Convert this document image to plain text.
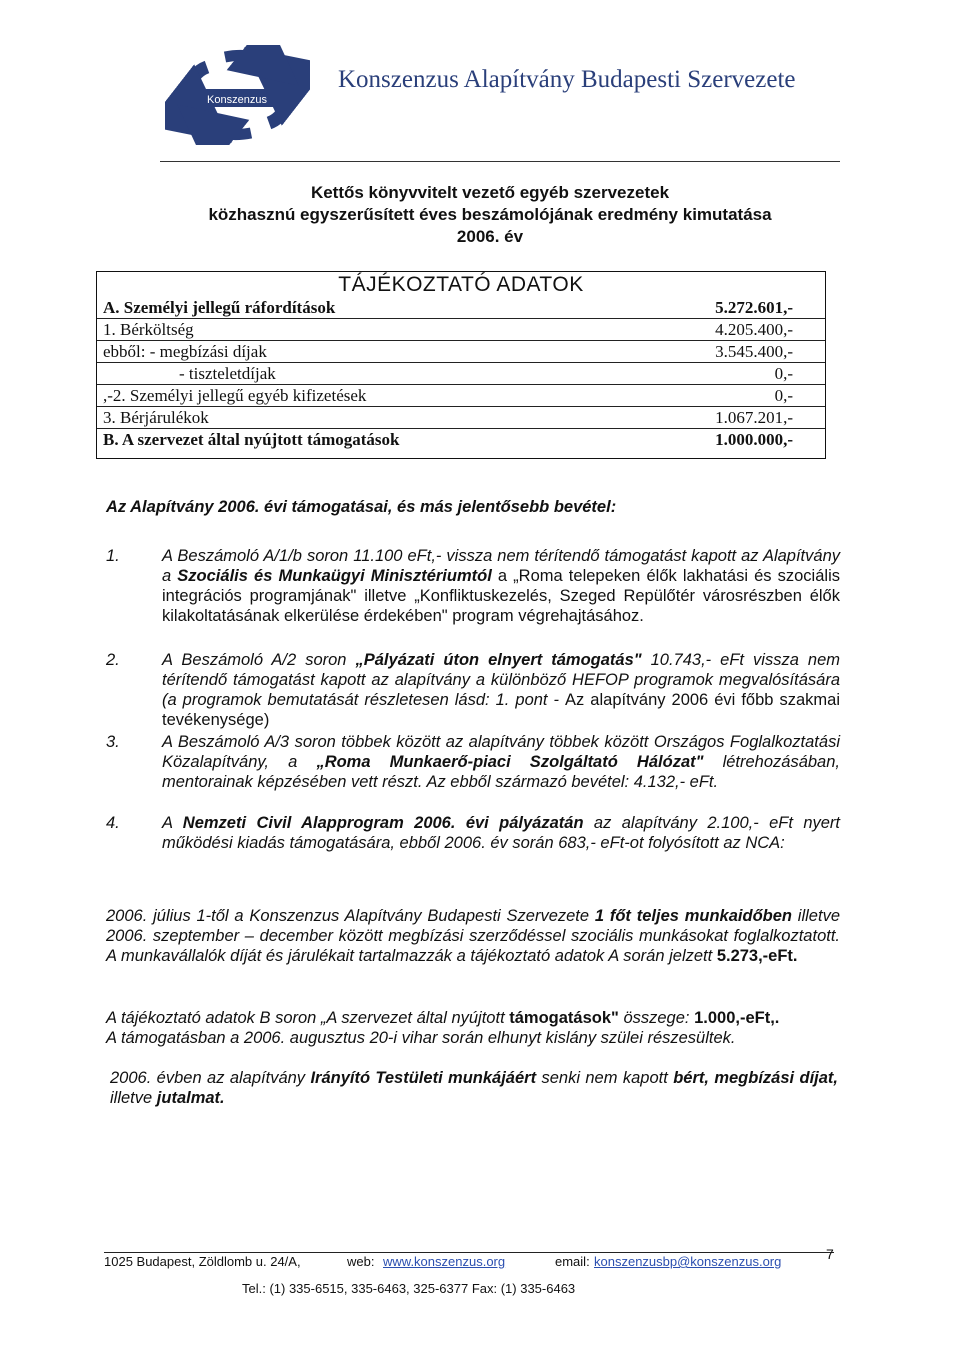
Konszenzus
Konszenzus Alapítvány Budapesti Szervezete
Kettős könyvvitelt vezető egyéb szervezetek
közhasznú egyszerűsített éves beszámolójának eredmény kimutatása
2006. év
TÁJÉKOZTATÓ ADATOK
A. Személyi jellegű ráfordítások	5.272.601,-
1. Bérköltség	4.205.400,-
ebből: - megbízási díjak	3.545.400,-
- tiszteletdíjak	0,-
,-2. Személyi jellegű egyéb kifizetések	0,-
3. Bérjárulékok	1.067.201,-
B. A szervezet által nyújtott támogatások	1.000.000,-
Az Alapítvány 2006. évi támogatásai, és más jelentősebb bevétel:
1.	A Beszámoló A/1/b soron 11.100 eFt,- vissza nem térítendő támogatást kapott az Alapítvány a Szociális és Munkaügyi Minisztériumtól a „Roma telepeken élők lakhatási és szociális integrációs programjának" illetve „Konfliktuskezelés, Szeged Repülőtér városrészben élők kilakoltatásának elkerülése érdekében" program végrehajtásához.
2.	A Beszámoló A/2 soron „Pályázati úton elnyert támogatás" 10.743,- eFt vissza nem térítendő támogatást kapott az alapítvány a különböző HEFOP programok megvalósítására (a programok bemutatását részletesen lásd: 1. pont - Az alapítvány 2006 évi főbb szakmai tevékenysége)
3.	A Beszámoló A/3 soron többek között az alapítvány többek között Országos Foglalkoztatási Közalapítvány, a „Roma Munkaerő-piaci Szolgáltató Hálózat" létrehozásában, mentorainak képzésében vett részt. Az ebből származó bevétel: 4.132,- eFt.
4.	A Nemzeti Civil Alapprogram 2006. évi pályázatán az alapítvány 2.100,- eFt nyert működési kiadás támogatására, ebből 2006. év során 683,- eFt-ot folyósított az NCA:
2006. július 1-től a Konszenzus Alapítvány Budapesti Szervezete 1 főt teljes munkaidőben illetve 2006. szeptember – december között megbízási szerződéssel szociális munkásokat foglalkoztatott. A munkavállalók díját és járulékait tartalmazzák a tájékoztató adatok A során jelzett 5.273,-eFt.
A tájékoztató adatok B soron „A szervezet által nyújtott támogatások" összege: 1.000,-eFt,.
A támogatásban a 2006. augusztus 20-i vihar során elhunyt kislány szülei részesültek.
2006. évben az alapítvány Irányító Testületi munkájáért senki nem kapott bért, megbízási díjat, illetve jutalmat.
1025 Budapest, Zöldlomb u. 24/A,	web: www.konszenzus.org	email: konszenzusbp@konszenzus.org	7
Tel.: (1) 335-6515, 335-6463, 325-6377 Fax: (1) 335-6463
